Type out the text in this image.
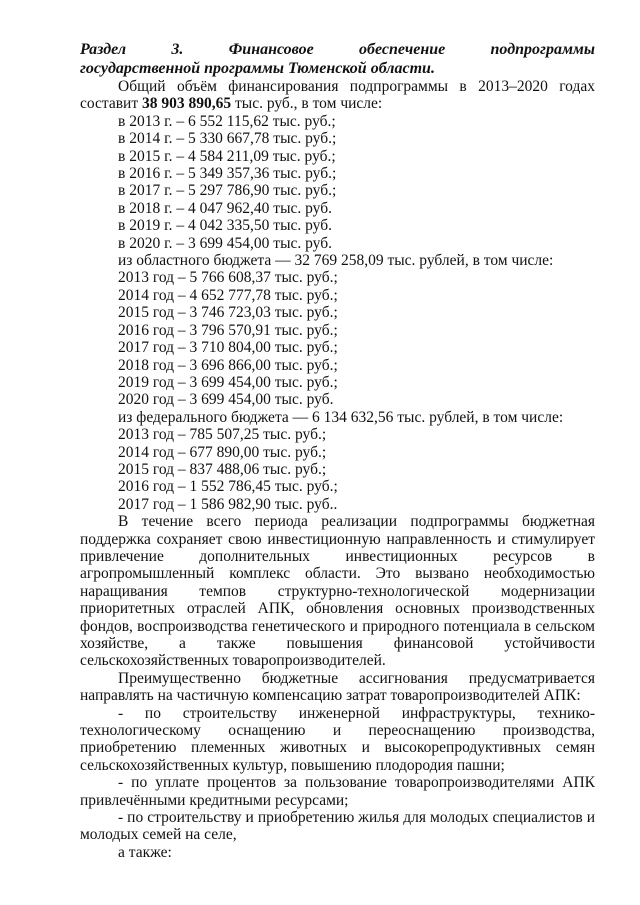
Раздел	3.	Финансовое	обеспечение	подпрограммы
государственной программы Тюменской области.
Общий объём финансирования подпрограммы в 2013–2020 годах
составит 38 903 890,65 тыс. руб., в том числе:
в 2013 г. – 6 552 115,62 тыс. руб.;
в 2014 г. – 5 330 667,78 тыс. руб.;
в 2015 г. – 4 584 211,09 тыс. руб.;
в 2016 г. – 5 349 357,36 тыс. руб.;
в 2017 г. – 5 297 786,90 тыс. руб.;
в 2018 г. – 4 047 962,40 тыс. руб.
в 2019 г. – 4 042 335,50 тыс. руб.
в 2020 г. – 3 699 454,00 тыс. руб.
из областного бюджета — 32 769 258,09 тыс. рублей, в том числе:
2013 год – 5 766 608,37 тыс. руб.;
2014 год – 4 652 777,78 тыс. руб.;
2015 год – 3 746 723,03 тыс. руб.;
2016 год – 3 796 570,91 тыс. руб.;
2017 год – 3 710 804,00 тыс. руб.;
2018 год – 3 696 866,00 тыс. руб.;
2019 год – 3 699 454,00 тыс. руб.;
2020 год – 3 699 454,00 тыс. руб.
из федерального бюджета — 6 134 632,56 тыс. рублей, в том числе:
2013 год – 785 507,25 тыс. руб.;
2014 год – 677 890,00 тыс. руб.;
2015 год – 837 488,06 тыс. руб.;
2016 год – 1 552 786,45 тыс. руб.;
2017 год – 1 586 982,90 тыс. руб..

В течение всего периода реализации подпрограммы бюджетная поддержка сохраняет свою инвестиционную направленность и стимулирует привлечение дополнительных инвестиционных ресурсов в агропромышленный комплекс области. Это вызвано необходимостью наращивания темпов структурно-технологической модернизации приоритетных отраслей АПК, обновления основных производственных фондов, воспроизводства генетического и природного потенциала в сельском хозяйстве, а также повышения финансовой устойчивости сельскохозяйственных товаропроизводителей.

Преимущественно бюджетные ассигнования предусматривается направлять на частичную компенсацию затрат товаропроизводителей АПК:

- по строительству инженерной инфраструктуры, технико-технологическому оснащению и переоснащению производства, приобретению племенных животных и высокорепродуктивных семян сельскохозяйственных культур, повышению плодородия пашни;

- по уплате процентов за пользование товаропроизводителями АПК привлечёнными кредитными ресурсами;

- по строительству и приобретению жилья для молодых специалистов и молодых семей на селе,

а также:
